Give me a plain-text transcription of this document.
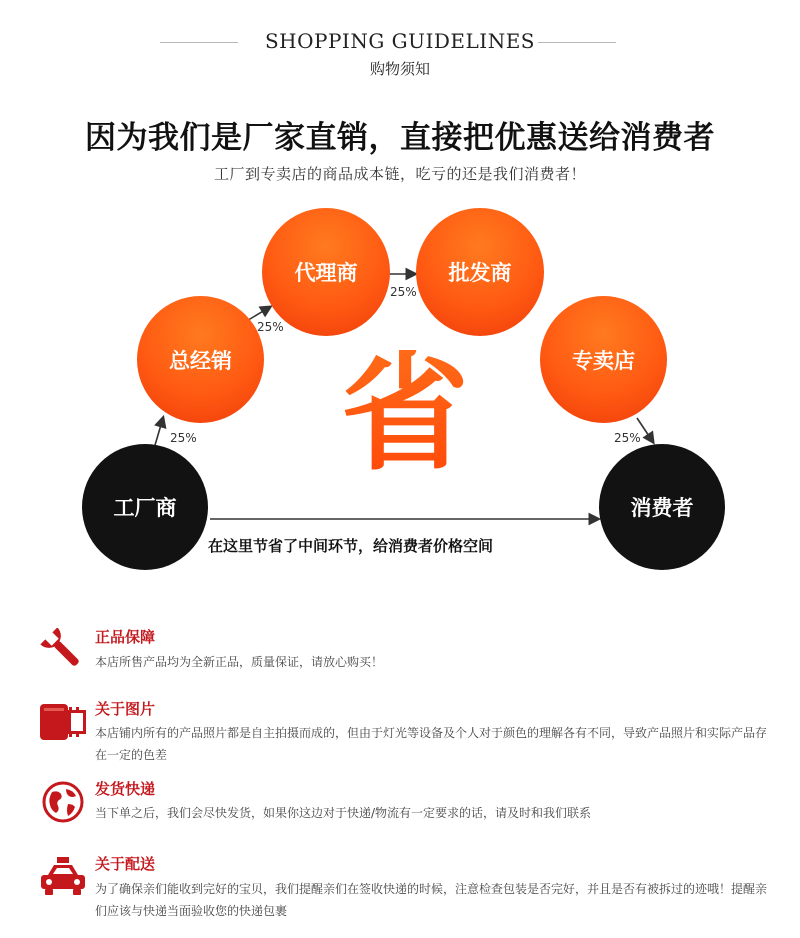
SHOPPING GUIDELINES
购物须知
因为我们是厂家直销，直接把优惠送给消费者
工厂到专卖店的商品成本链，吃亏的还是我们消费者！
工厂商
总经销
代理商	批发商
专卖店
消费者
25%
25%
25%
25%
省
在这里节省了中间环节，给消费者价格空间
正品保障
本店所售产品均为全新正品，质量保证，请放心购买！
关于图片
本店铺内所有的产品照片都是自主拍摄而成的，但由于灯光等设备及个人对于颜色的理解各有不同，导致产品照片和实际产品存在一定的色差
发货快递
当下单之后，我们会尽快发货，如果你这边对于快递/物流有一定要求的话，请及时和我们联系
关于配送
为了确保亲们能收到完好的宝贝，我们提醒亲们在签收快递的时候，注意检查包装是否完好，并且是否有被拆过的迹哦！提醒亲们应该与快递当面验收您的快递包裹
